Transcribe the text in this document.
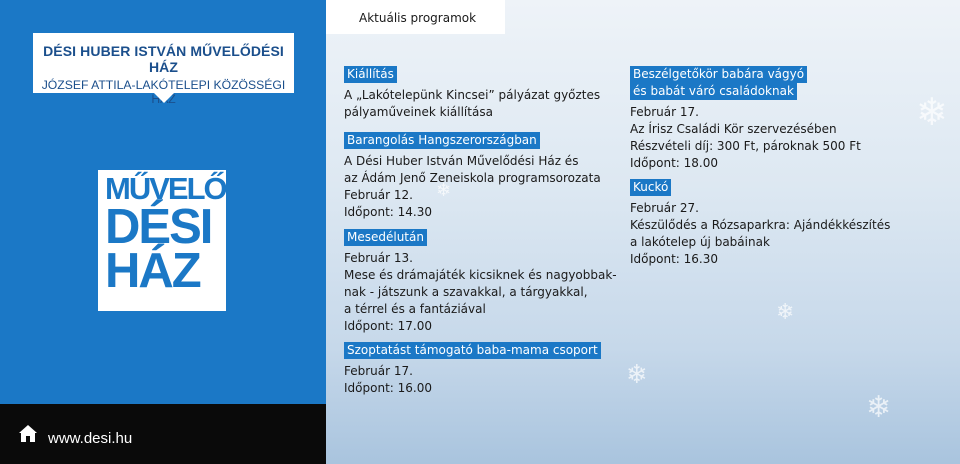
DÉSI HUBER ISTVÁN MŰVELŐDÉSI HÁZ
JÓZSEF ATTILA-LAKÓTELEPI KÖZÖSSÉGI HÁZ
MŰVELŐ
DÉSI
HÁZ
www.desi.hu
❄
❄
❄
❄
❄
Aktuális programok
Kiállítás
A „Lakótelepünk Kincsei” pályázat győztes
pályaműveinek kiállítása
Barangolás Hangszerországban
A Dési Huber István Művelődési Ház és
az Ádám Jenő Zeneiskola programsorozata
Február 12.
Időpont: 14.30
Mesedélután
Február 13.
Mese és drámajáték kicsiknek és nagyobbak-
nak - játszunk a szavakkal, a tárgyakkal,
a térrel és a fantáziával
Időpont: 17.00
Szoptatást támogató baba-mama csoport
Február 17.
Időpont: 16.00
Beszélgetőkör babára vágyó
és babát váró családoknak
Február 17.
Az Írisz Családi Kör szervezésében
Részvételi díj: 300 Ft, pároknak 500 Ft
Időpont: 18.00
Kuckó
Február 27.
Készülődés a Rózsaparkra: Ajándékkészítés
a lakótelep új babáinak
Időpont: 16.30
